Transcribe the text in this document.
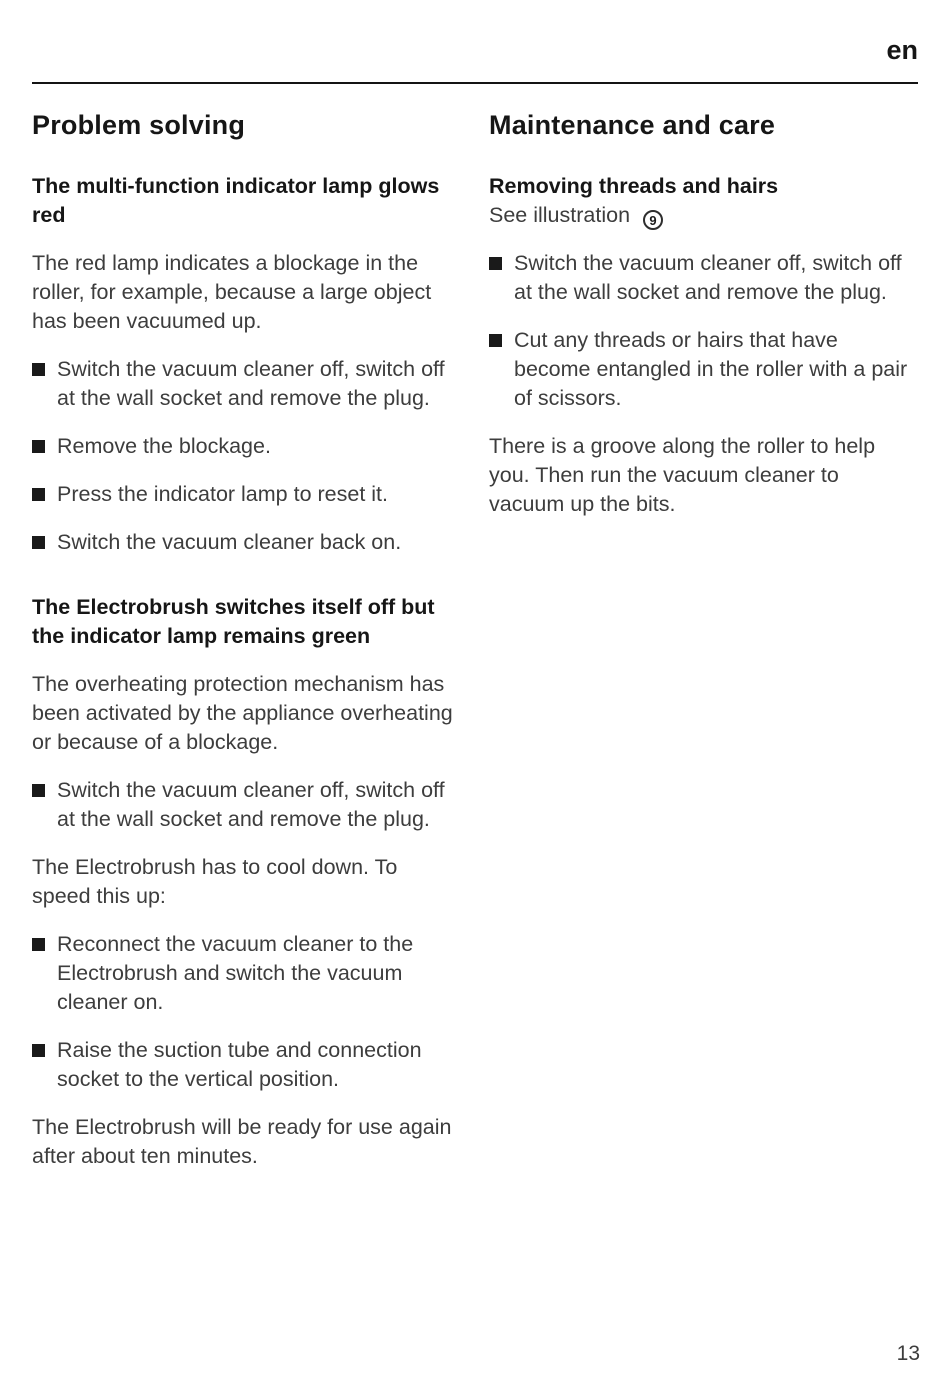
en
Problem solving
The multi-function indicator lamp glows red

The red lamp indicates a blockage in the roller, for example, because a large object has been vacuumed up.

Switch the vacuum cleaner off, switch off at the wall socket and remove the plug.
Remove the blockage.
Press the indicator lamp to reset it.
Switch the vacuum cleaner back on.
The Electrobrush switches itself off but the indicator lamp remains green

The overheating protection mechanism has been activated by the appliance overheating or because of a blockage.

Switch the vacuum cleaner off, switch off at the wall socket and remove the plug.

The Electrobrush has to cool down. To speed this up:

Reconnect the vacuum cleaner to the Electrobrush and switch the vacuum cleaner on.
Raise the suction tube and connection socket to the vertical position.

The Electrobrush will be ready for use again after about ten minutes.

Maintenance and care
Removing threads and hairs

See illustration 9

Switch the vacuum cleaner off, switch off at the wall socket and remove the plug.
Cut any threads or hairs that have become entangled in the roller with a pair of scissors.

There is a groove along the roller to help you. Then run the vacuum cleaner to vacuum up the bits.

13
